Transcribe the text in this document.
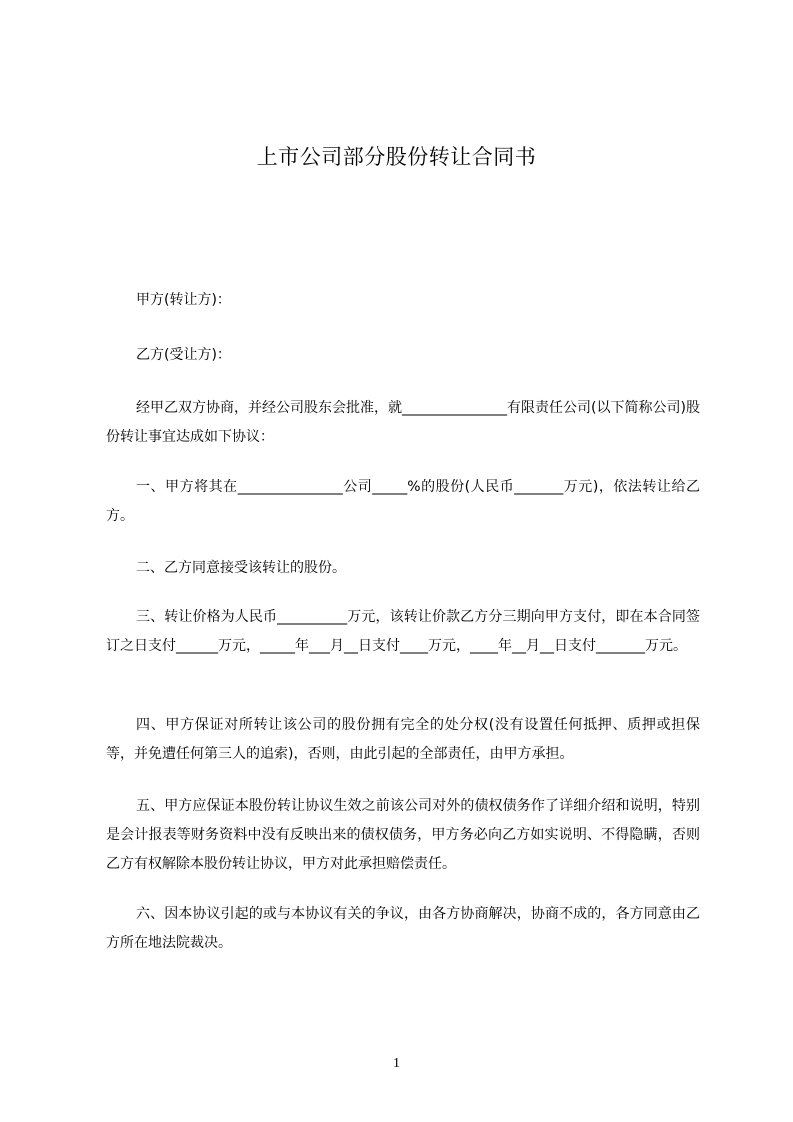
上市公司部分股份转让合同书
甲方(转让方)：
乙方(受让方)：
经甲乙双方协商，并经公司股东会批准，就_______________有限责任公司(以下简称公司)股份转让事宜达成如下协议：
一、甲方将其在_______________公司_____%的股份(人民币_______万元)，依法转让给乙方。
二、乙方同意接受该转让的股份。
三、转让价格为人民币__________万元，该转让价款乙方分三期向甲方支付，即在本合同签订之日支付______万元，_____年___月__日支付____万元，____年__月__日支付_______万元。
四、甲方保证对所转让该公司的股份拥有完全的处分权(没有设置任何抵押、质押或担保等，并免遭任何第三人的追索)，否则，由此引起的全部责任，由甲方承担。
五、甲方应保证本股份转让协议生效之前该公司对外的债权债务作了详细介绍和说明，特别是会计报表等财务资料中没有反映出来的债权债务，甲方务必向乙方如实说明、不得隐瞒，否则乙方有权解除本股份转让协议，甲方对此承担赔偿责任。
六、因本协议引起的或与本协议有关的争议，由各方协商解决，协商不成的，各方同意由乙方所在地法院裁决。
1
